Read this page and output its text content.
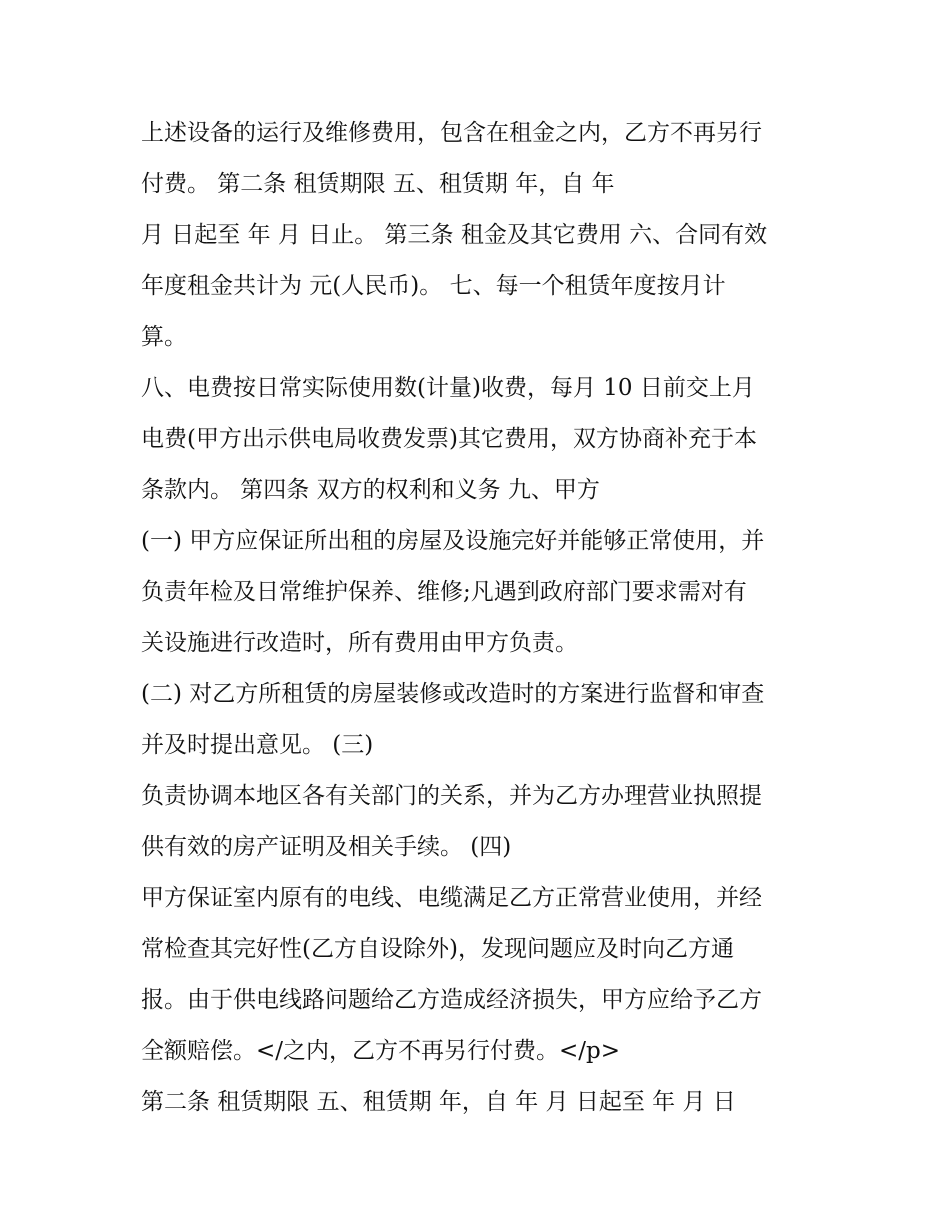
上述设备的运行及维修费用，包含在租金之内，乙方不再另行
付费。 第二条 租赁期限 五、租赁期 年，自 年
月 日起至 年 月 日止。 第三条 租金及其它费用 六、合同有效
年度租金共计为 元(人民币)。 七、每一个租赁年度按月计
算。
八、电费按日常实际使用数(计量)收费，每月 10 日前交上月
电费(甲方出示供电局收费发票)其它费用，双方协商补充于本
条款内。 第四条 双方的权利和义务 九、甲方
(一) 甲方应保证所出租的房屋及设施完好并能够正常使用，并
负责年检及日常维护保养、维修;凡遇到政府部门要求需对有
关设施进行改造时，所有费用由甲方负责。
(二) 对乙方所租赁的房屋装修或改造时的方案进行监督和审查
并及时提出意见。 (三)
负责协调本地区各有关部门的关系，并为乙方办理营业执照提
供有效的房产证明及相关手续。 (四)
甲方保证室内原有的电线、电缆满足乙方正常营业使用，并经
常检查其完好性(乙方自设除外)，发现问题应及时向乙方通
报。由于供电线路问题给乙方造成经济损失，甲方应给予乙方
全额赔偿。</之内，乙方不再另行付费。</p>
第二条 租赁期限 五、租赁期 年，自 年 月 日起至 年 月 日
